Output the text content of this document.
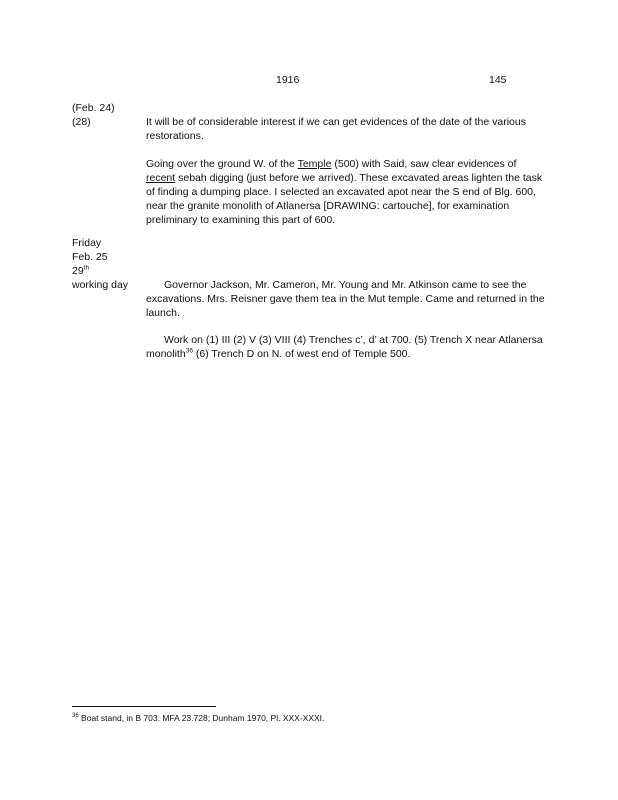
1916	145
(Feb. 24)
(28)	It will be of considerable interest if we can get evidences of the date of the various restorations.

Going over the ground W. of the Temple (500) with Said, saw clear evidences of recent sebaḥ digging (just before we arrived). These excavated areas lighten the task of finding a dumping place. I selected an excavated apot near the S end of Blg. 600, near the granite monolith of Atlanersa [DRAWING: cartouche], for examination preliminary to examining this part of 600.

Friday
Feb. 25
29th
working day	Governor Jackson, Mr. Cameron, Mr. Young and Mr. Atkinson came to see the excavations. Mrs. Reisner gave them tea in the Mut temple. Came and returned in the launch.

Work on (1) III (2) V (3) VIII (4) Trenches c’, d’ at 700. (5) Trench X near Atlanersa monolith$^{36}$ (6) Trench D on N. of west end of Temple 500.

$^{36}$ Boat stand, in B 703. MFA 23.728; Dunham 1970, Pl. XXX-XXXI.
